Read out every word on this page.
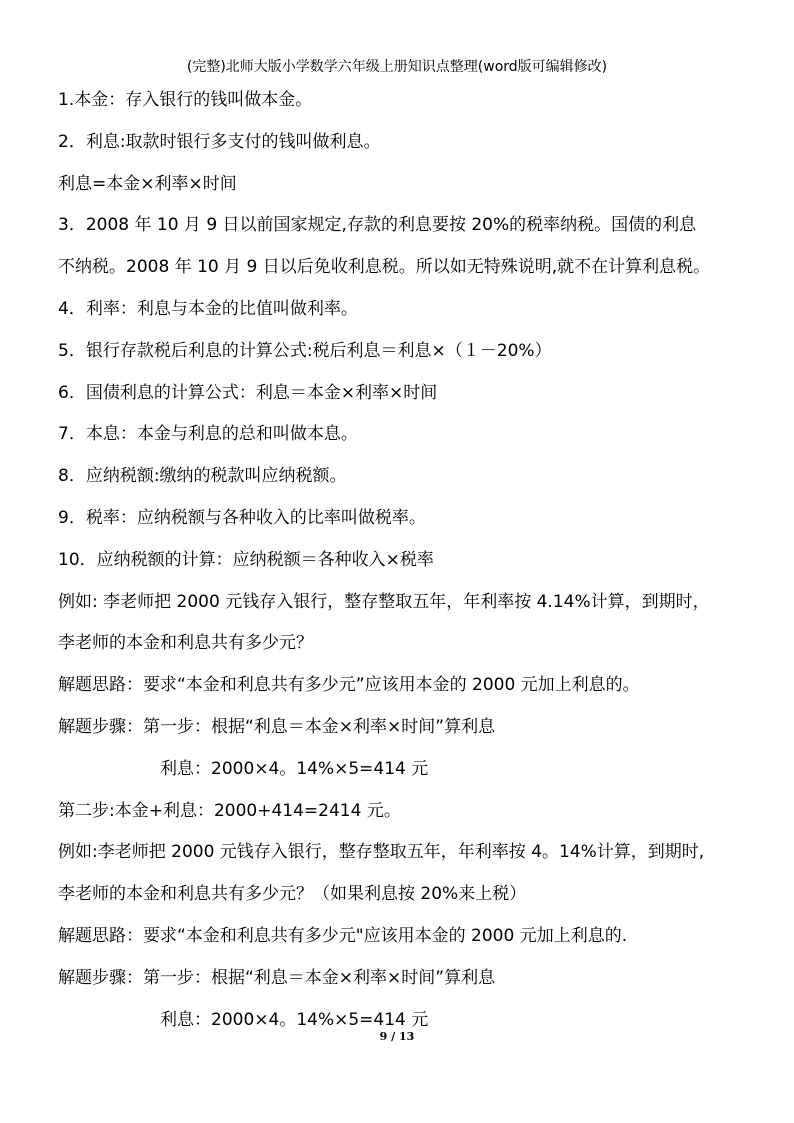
(完整)北师大版小学数学六年级上册知识点整理(word版可编辑修改)
1.本金：存入银行的钱叫做本金。
2．利息:取款时银行多支付的钱叫做利息。
利息=本金×利率×时间
3．2008 年 10 月 9 日以前国家规定,存款的利息要按 20%的税率纳税。国债的利息
不纳税。2008 年 10 月 9 日以后免收利息税。所以如无特殊说明,就不在计算利息税。
4．利率：利息与本金的比值叫做利率。
5．银行存款税后利息的计算公式:税后利息＝利息×（１－20%）
6．国债利息的计算公式：利息＝本金×利率×时间
7．本息：本金与利息的总和叫做本息。
8．应纳税额:缴纳的税款叫应纳税额。
9．税率：应纳税额与各种收入的比率叫做税率。
10．应纳税额的计算：应纳税额＝各种收入×税率
例如: 李老师把 2000 元钱存入银行，整存整取五年，年利率按 4.14%计算，到期时，
李老师的本金和利息共有多少元？
解题思路：要求“本金和利息共有多少元”应该用本金的 2000 元加上利息的。
解题步骤：第一步：根据“利息＝本金×利率×时间”算利息
利息：2000×4。14%×5=414 元
第二步:本金+利息：2000+414=2414 元。
例如:李老师把 2000 元钱存入银行，整存整取五年，年利率按 4。14%计算，到期时,
李老师的本金和利息共有多少元？（如果利息按 20%来上税）
解题思路：要求“本金和利息共有多少元"应该用本金的 2000 元加上利息的.
解题步骤：第一步：根据“利息＝本金×利率×时间”算利息
利息：2000×4。14%×5=414 元
9 / 13
